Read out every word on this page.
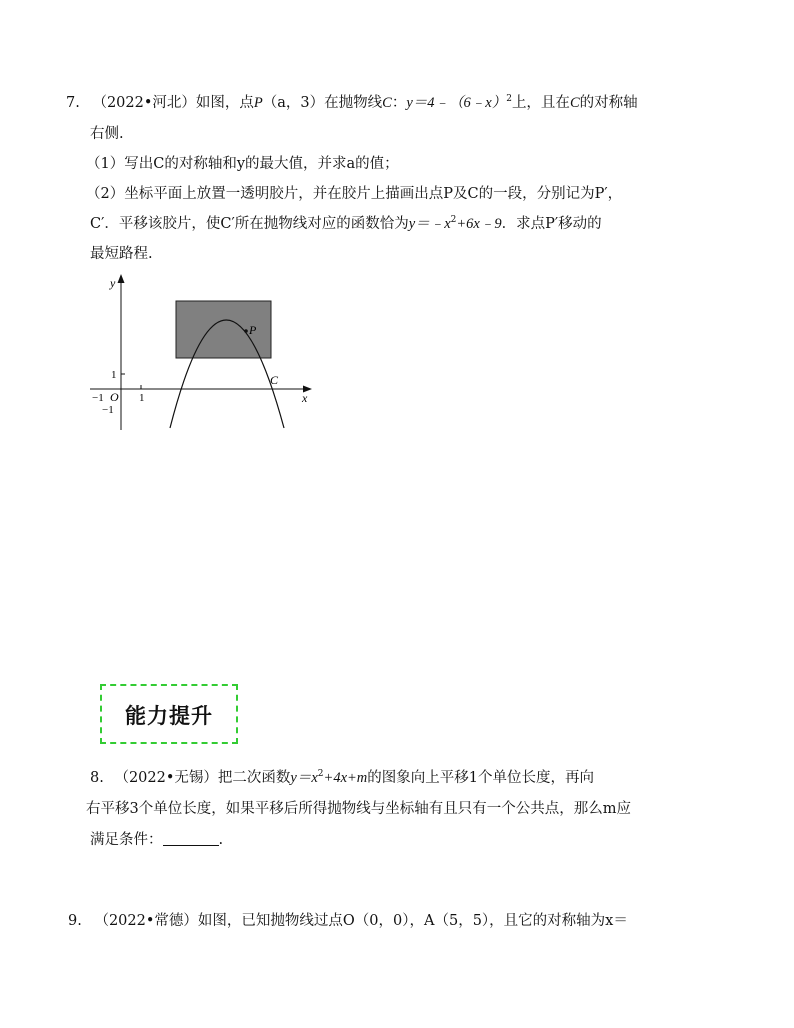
7. （2022•河北）如图，点P（a，3）在抛物线C：y＝4﹣（6﹣x）$^2$上，且在C的对称轴
右侧.
（1）写出C的对称轴和y的最大值，并求a的值；
（2）坐标平面上放置一透明胶片，并在胶片上描画出点P及C的一段，分别记为P′，
C′．平移该胶片，使C′所在抛物线对应的函数恰为$y=﹣x^2+6x﹣9$．求点P′移动的
最短路程.
y
x
O
−1	1
1
−1
P
C
能力提升
8. （2022•无锡）把二次函数$y=x^2+4x+m$的图象向上平移1个单位长度，再向
右平移3个单位长度，如果平移后所得抛物线与坐标轴有且只有一个公共点，那么m应
满足条件：	.
9. （2022•常德）如图，已知抛物线过点O（0，0），A（5，5），且它的对称轴为x＝
